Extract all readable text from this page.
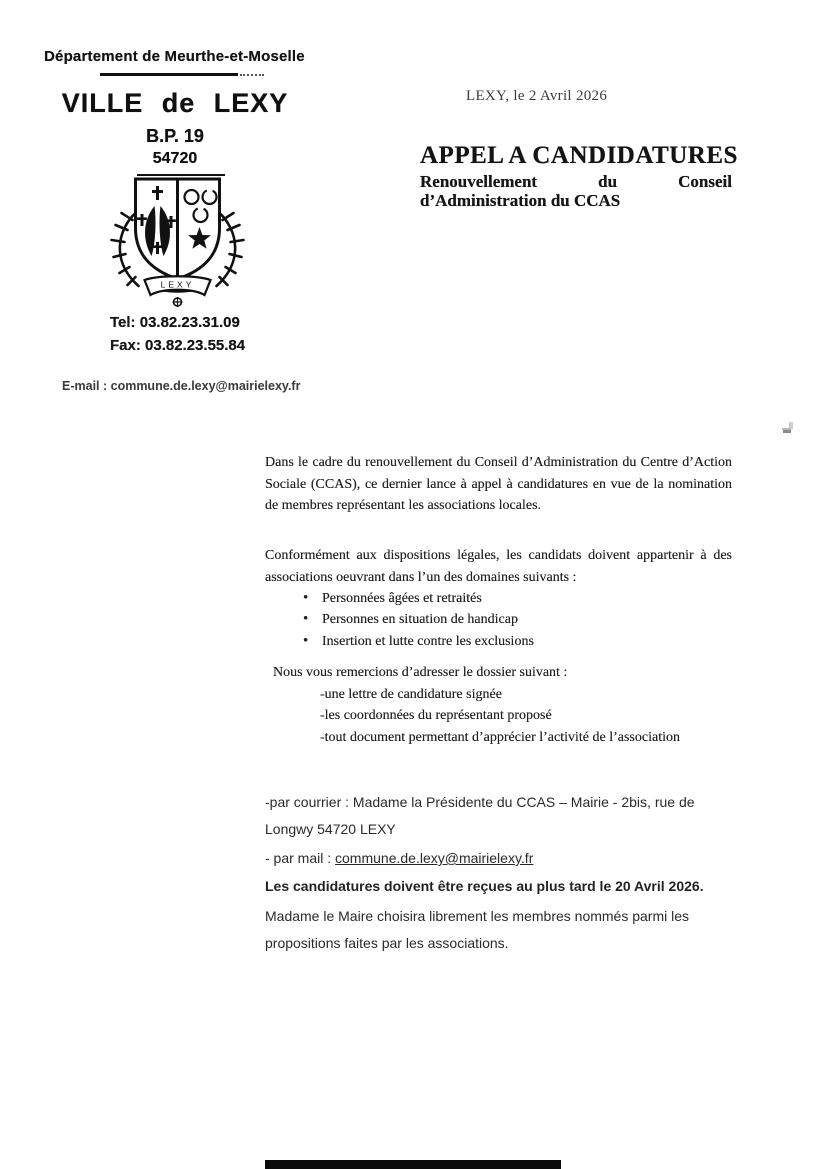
Département de Meurthe-et-Moselle
VILLE de LEXY
B.P. 19
54720
LEXY
Tel: 03.82.23.31.09
Fax: 03.82.23.55.84
E-mail : commune.de.lexy@mairielexy.fr
LEXY, le 2 Avril 2026
APPEL A CANDIDATURES
Renouvellement du Conseil d’Administration du CCAS

Dans le cadre du renouvellement du Conseil d’Administration du Centre d’Action Sociale (CCAS), ce dernier lance à appel à candidatures en vue de la nomination de membres représentant les associations locales.

Conformément aux dispositions légales, les candidats doivent appartenir à des associations oeuvrant dans l’un des domaines suivants :

• Personnées âgées et retraités
• Personnes en situation de handicap
• Insertion et lutte contre les exclusions
Nous vous remercions d’adresser le dossier suivant :
-une lettre de candidature signée
-les coordonnées du représentant proposé
-tout document permettant d’apprécier l’activité de l’association

-par courrier : Madame la Présidente du CCAS – Mairie - 2bis, rue de Longwy 54720 LEXY

- par mail : commune.de.lexy@mairielexy.fr

Les candidatures doivent être reçues au plus tard le 20 Avril 2026.

Madame le Maire choisira librement les membres nommés parmi les propositions faites par les associations.
